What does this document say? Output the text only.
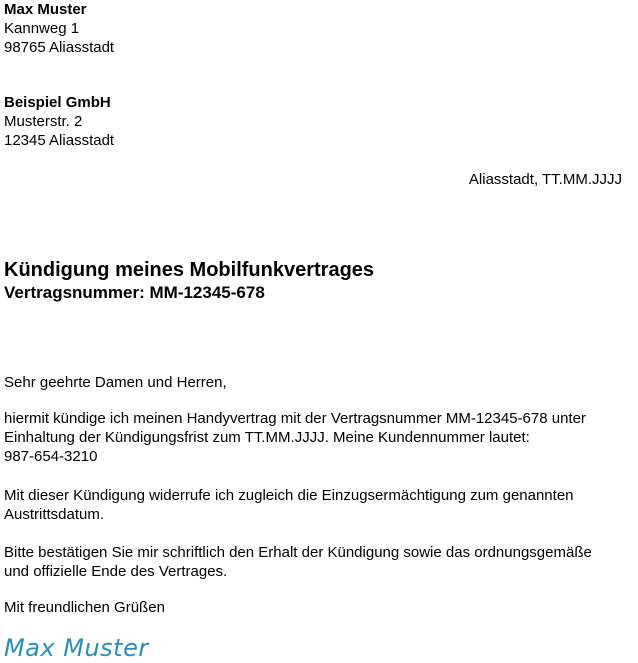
Max Muster
Kannweg 1
98765 Aliasstadt
Beispiel GmbH
Musterstr. 2
12345 Aliasstadt
Aliasstadt, TT.MM.JJJJ
Kündigung meines Mobilfunkvertrages
Vertragsnummer: MM-12345-678
Sehr geehrte Damen und Herren,
hiermit kündige ich meinen Handyvertrag mit der Vertragsnummer MM-12345-678 unter
Einhaltung der Kündigungsfrist zum TT.MM.JJJJ. Meine Kundennummer lautet:
987-654-3210
Mit dieser Kündigung widerrufe ich zugleich die Einzugsermächtigung zum genannten
Austrittsdatum.
Bitte bestätigen Sie mir schriftlich den Erhalt der Kündigung sowie das ordnungsgemäße
und offizielle Ende des Vertrages.
Mit freundlichen Grüßen
Max Muster
